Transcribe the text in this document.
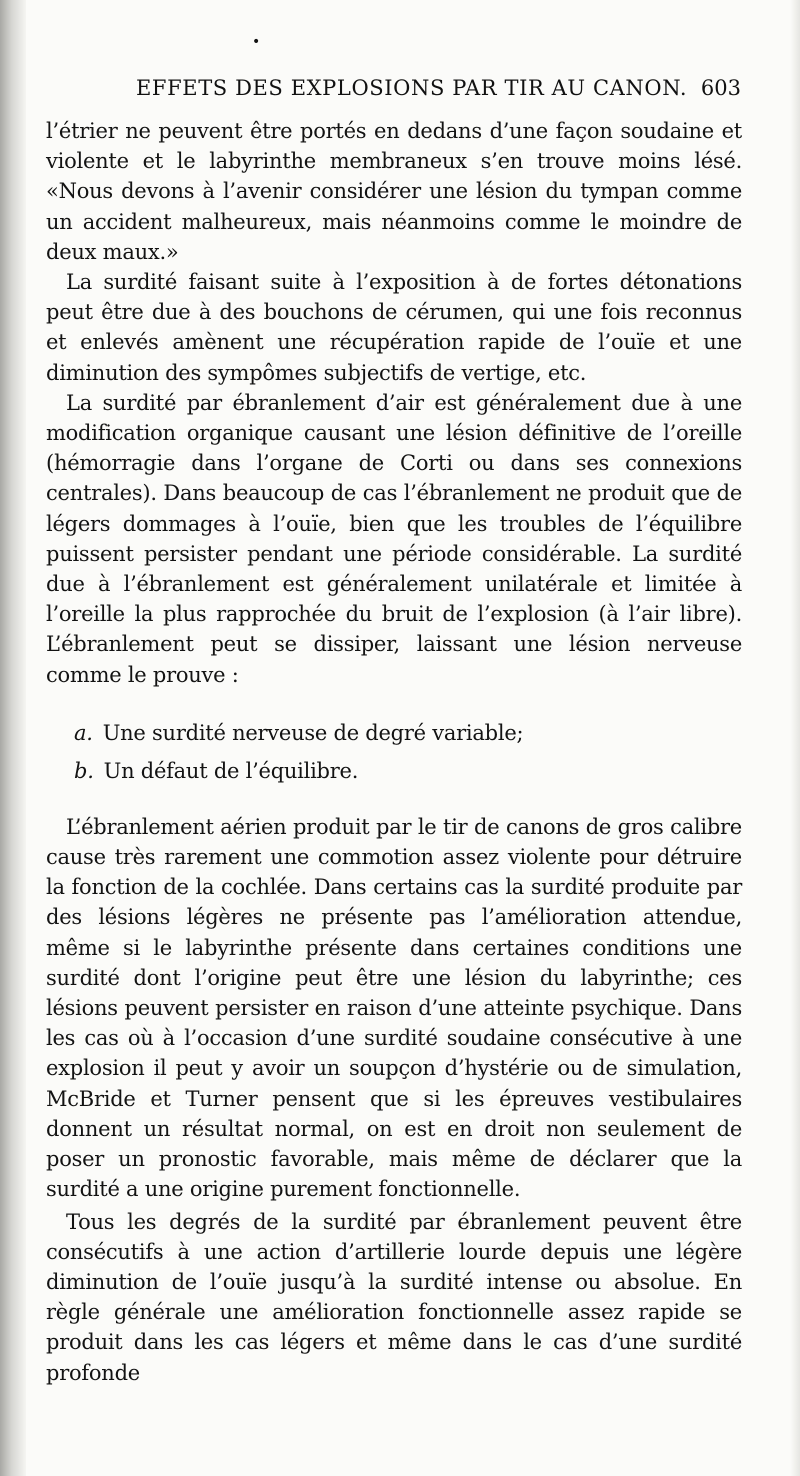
•
EFFETS DES EXPLOSIONS PAR TIR AU CANON. 603

l’étrier ne peuvent être portés en dedans d’une façon soudaine et violente et le labyrinthe membraneux s’en trouve moins lésé. «Nous devons à l’avenir considérer une lésion du tympan comme un accident malheureux, mais néanmoins comme le moindre de deux maux.»

La surdité faisant suite à l’exposition à de fortes détonations peut être due à des bouchons de cérumen, qui une fois reconnus et enlevés amènent une récupération rapide de l’ouïe et une diminution des sympômes subjectifs de vertige, etc.

La surdité par ébranlement d’air est généralement due à une modification organique causant une lésion définitive de l’oreille (hémorragie dans l’organe de Corti ou dans ses connexions centrales). Dans beaucoup de cas l’ébranlement ne produit que de légers dommages à l’ouïe, bien que les troubles de l’équilibre puissent persister pendant une période considérable. La surdité due à l’ébranlement est généralement unilatérale et limitée à l’oreille la plus rapprochée du bruit de l’explosion (à l’air libre). L’ébranlement peut se dissiper, laissant une lésion nerveuse comme le prouve :

a. Une surdité nerveuse de degré variable;
b. Un défaut de l’équilibre.

L’ébranlement aérien produit par le tir de canons de gros calibre cause très rarement une commotion assez violente pour détruire la fonction de la cochlée. Dans certains cas la surdité produite par des lésions légères ne présente pas l’amélioration attendue, même si le labyrinthe présente dans certaines conditions une surdité dont l’origine peut être une lésion du labyrinthe; ces lésions peuvent persister en raison d’une atteinte psychique. Dans les cas où à l’occasion d’une surdité soudaine consécutive à une explosion il peut y avoir un soupçon d’hystérie ou de simulation, McBride et Turner pensent que si les épreuves vestibulaires donnent un résultat normal, on est en droit non seulement de poser un pronostic favorable, mais même de déclarer que la surdité a une origine purement fonctionnelle.

Tous les degrés de la surdité par ébranlement peuvent être consécutifs à une action d’artillerie lourde depuis une légère diminution de l’ouïe jusqu’à la surdité intense ou absolue. En règle générale une amélioration fonctionnelle assez rapide se produit dans les cas légers et même dans le cas d’une surdité profonde
